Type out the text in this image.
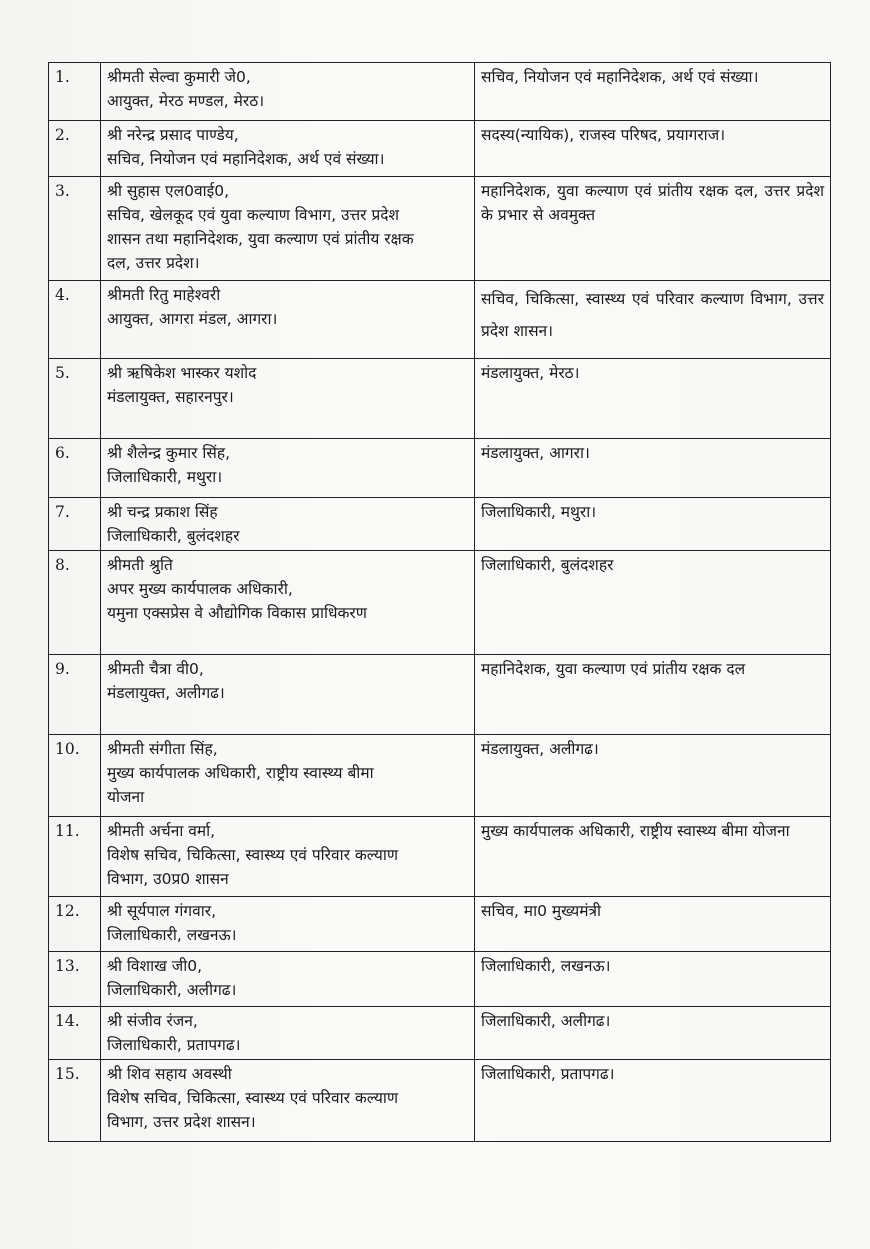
1.	श्रीमती सेल्वा कुमारी जे0,
आयुक्त, मेरठ मण्डल, मेरठ।	सचिव, नियोजन एवं महानिदेशक, अर्थ एवं संख्या।
2.	श्री नरेन्द्र प्रसाद पाण्डेय,
सचिव, नियोजन एवं महानिदेशक, अर्थ एवं संख्या।	सदस्य(न्यायिक), राजस्व परिषद, प्रयागराज।
3.	श्री सुहास एल0वाई0,
सचिव, खेलकूद एवं युवा कल्याण विभाग, उत्तर प्रदेश
शासन तथा महानिदेशक, युवा कल्याण एवं प्रांतीय रक्षक
दल, उत्तर प्रदेश।	महानिदेशक, युवा कल्याण एवं प्रांतीय रक्षक दल, उत्तर प्रदेश के प्रभार से अवमुक्त
4.	श्रीमती रितु माहेश्वरी
आयुक्त, आगरा मंडल, आगरा।	सचिव, चिकित्सा, स्वास्थ्य एवं परिवार कल्याण विभाग, उत्तर प्रदेश शासन।
5.	श्री ऋषिकेश भास्कर यशोद
मंडलायुक्त, सहारनपुर।	मंडलायुक्त, मेरठ।
6.	श्री शैलेन्द्र कुमार सिंह,
जिलाधिकारी, मथुरा।	मंडलायुक्त, आगरा।
7.	श्री चन्द्र प्रकाश सिंह
जिलाधिकारी, बुलंदशहर	जिलाधिकारी, मथुरा।
8.	श्रीमती श्रुति
अपर मुख्य कार्यपालक अधिकारी,
यमुना एक्सप्रेस वे औद्योगिक विकास प्राधिकरण	जिलाधिकारी, बुलंदशहर
9.	श्रीमती चैत्रा वी0,
मंडलायुक्त, अलीगढ।	महानिदेशक, युवा कल्याण एवं प्रांतीय रक्षक दल
10.	श्रीमती संगीता सिंह,
मुख्य कार्यपालक अधिकारी, राष्ट्रीय स्वास्थ्य बीमा
योजना	मंडलायुक्त, अलीगढ।
11.	श्रीमती अर्चना वर्मा,
विशेष सचिव, चिकित्सा, स्वास्थ्य एवं परिवार कल्याण
विभाग, उ0प्र0 शासन	मुख्य कार्यपालक अधिकारी, राष्ट्रीय स्वास्थ्य बीमा योजना
12.	श्री सूर्यपाल गंगवार,
जिलाधिकारी, लखनऊ।	सचिव, मा0 मुख्यमंत्री
13.	श्री विशाख जी0,
जिलाधिकारी, अलीगढ।	जिलाधिकारी, लखनऊ।
14.	श्री संजीव रंजन,
जिलाधिकारी, प्रतापगढ।	जिलाधिकारी, अलीगढ।
15.	श्री शिव सहाय अवस्थी
विशेष सचिव, चिकित्सा, स्वास्थ्य एवं परिवार कल्याण
विभाग, उत्तर प्रदेश शासन।	जिलाधिकारी, प्रतापगढ।
